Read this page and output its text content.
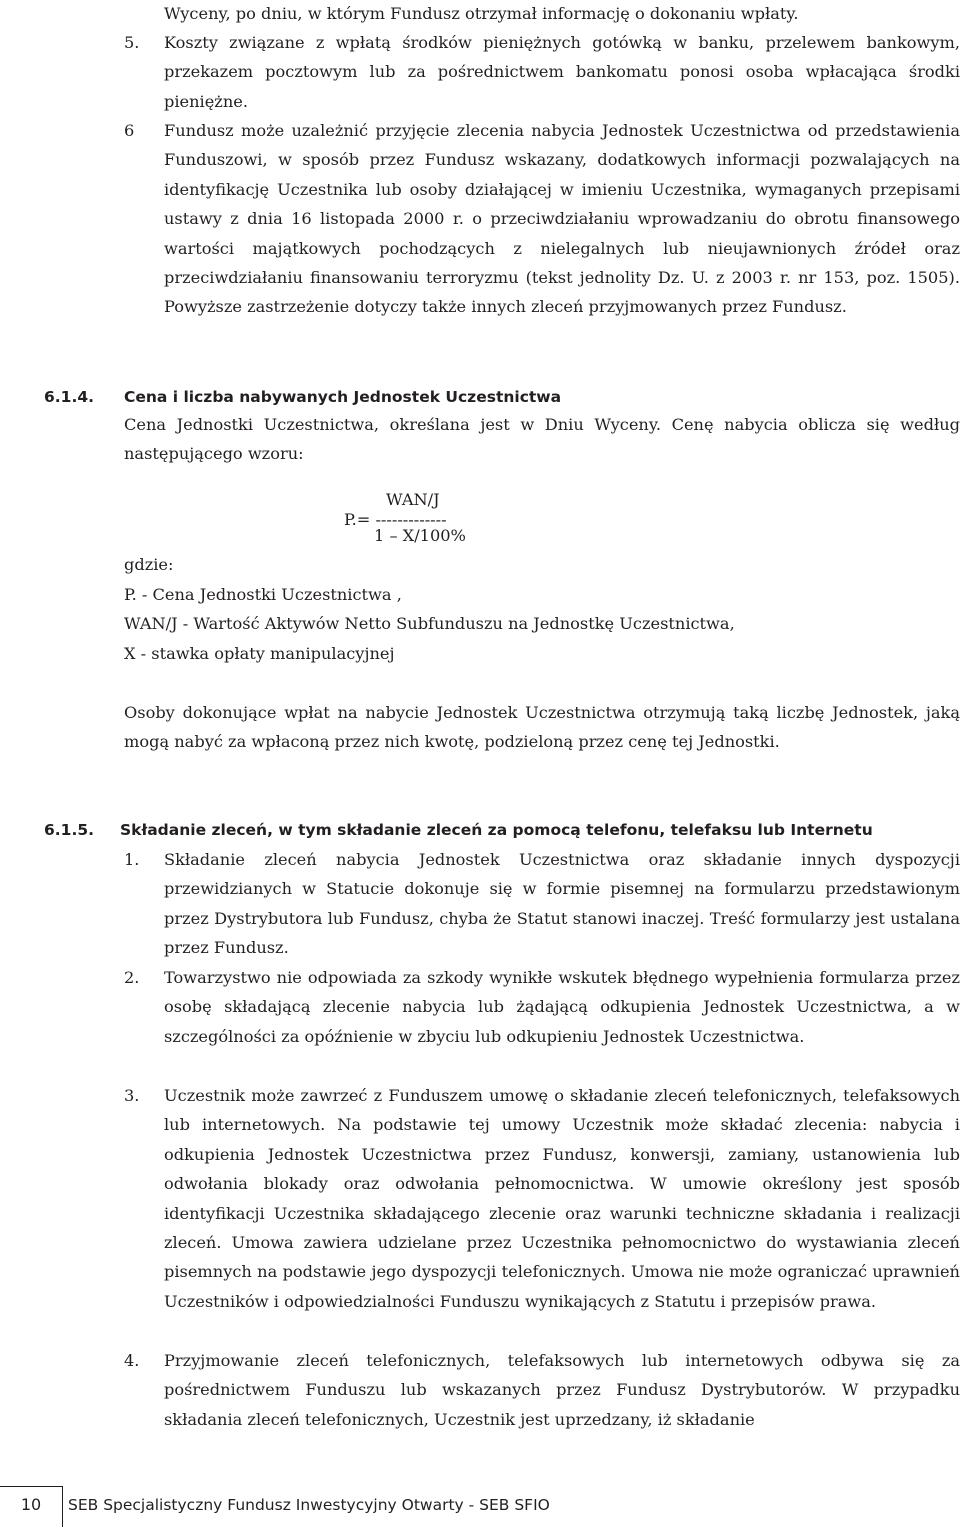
Wyceny, po dniu, w którym Fundusz otrzymał informację o dokonaniu wpłaty.

5. Koszty związane z wpłatą środków pieniężnych gotówką w banku, przelewem bankowym, przekazem pocztowym lub za pośrednictwem bankomatu ponosi osoba wpłacająca środki pieniężne.

6 Fundusz może uzależnić przyjęcie zlecenia nabycia Jednostek Uczestnictwa od przedstawienia Funduszowi, w sposób przez Fundusz wskazany, dodatkowych informacji pozwalających na identyfikację Uczestnika lub osoby działającej w imieniu Uczestnika, wymaganych przepisami ustawy z dnia 16 listopada 2000 r. o przeciwdziałaniu wprowadzaniu do obrotu finansowego wartości majątkowych pochodzących z nielegalnych lub nieujawnionych źródeł oraz przeciwdziałaniu finansowaniu terroryzmu (tekst jednolity Dz. U. z 2003 r. nr 153, poz. 1505). Powyższe zastrzeżenie dotyczy także innych zleceń przyjmowanych przez Fundusz.

6.1.4. Cena i liczba nabywanych Jednostek Uczestnictwa

Cena Jednostki Uczestnictwa, określana jest w Dniu Wyceny. Cenę nabycia oblicza się według następującego wzoru:

WAN/J

P.= -------------

1 – X/100%

gdzie:

P. - Cena Jednostki Uczestnictwa ,

WAN/J - Wartość Aktywów Netto Subfunduszu na Jednostkę Uczestnictwa,

X - stawka opłaty manipulacyjnej

Osoby dokonujące wpłat na nabycie Jednostek Uczestnictwa otrzymują taką liczbę Jednostek, jaką mogą nabyć za wpłaconą przez nich kwotę, podzieloną przez cenę tej Jednostki.

6.1.5. Składanie zleceń, w tym składanie zleceń za pomocą telefonu, telefaksu lub Internetu

1. Składanie zleceń nabycia Jednostek Uczestnictwa oraz składanie innych dyspozycji przewidzianych w Statucie dokonuje się w formie pisemnej na formularzu przedstawionym przez Dystrybutora lub Fundusz, chyba że Statut stanowi inaczej. Treść formularzy jest ustalana przez Fundusz.

2. Towarzystwo nie odpowiada za szkody wynikłe wskutek błędnego wypełnienia formularza przez osobę składającą zlecenie nabycia lub żądającą odkupienia Jednostek Uczestnictwa, a w szczególności za opóźnienie w zbyciu lub odkupieniu Jednostek Uczestnictwa.

3. Uczestnik może zawrzeć z Funduszem umowę o składanie zleceń telefonicznych, telefaksowych lub internetowych. Na podstawie tej umowy Uczestnik może składać zlecenia: nabycia i odkupienia Jednostek Uczestnictwa przez Fundusz, konwersji, zamiany, ustanowienia lub odwołania blokady oraz odwołania pełnomocnictwa. W umowie określony jest sposób identyfikacji Uczestnika składającego zlecenie oraz warunki techniczne składania i realizacji zleceń. Umowa zawiera udzielane przez Uczestnika pełnomocnictwo do wystawiania zleceń pisemnych na podstawie jego dyspozycji telefonicznych. Umowa nie może ograniczać uprawnień Uczestników i odpowiedzialności Funduszu wynikających z Statutu i przepisów prawa.

4. Przyjmowanie zleceń telefonicznych, telefaksowych lub internetowych odbywa się za pośrednictwem Funduszu lub wskazanych przez Fundusz Dystrybutorów. W przypadku składania zleceń telefonicznych, Uczestnik jest uprzedzany, iż składanie

10	SEB Specjalistyczny Fundusz Inwestycyjny Otwarty - SEB SFIO
